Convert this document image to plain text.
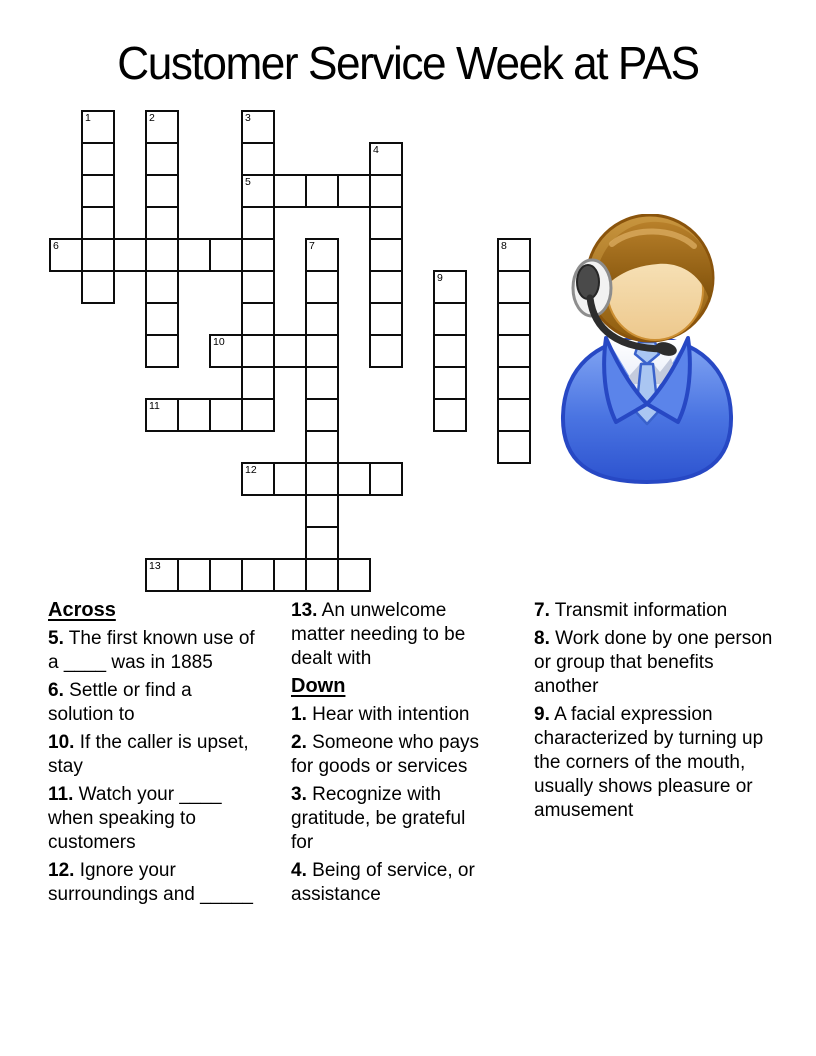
Customer Service Week at PAS
1	2	3
5
4
6	7	8
9
10
11
12
13
Across

5. The first known use of a ____ was in 1885

6. Settle or find a solution to

10. If the caller is upset, stay

11. Watch your ____ when speaking to customers

12. Ignore your surroundings and _____

13. An unwelcome matter needing to be dealt with

Down

1. Hear with intention

2. Someone who pays for goods or services

3. Recognize with gratitude, be grateful for

4. Being of service, or assistance

7. Transmit information

8. Work done by one person or group that benefits another

9. A facial expression characterized by turning up the corners of the mouth, usually shows pleasure or amusement
